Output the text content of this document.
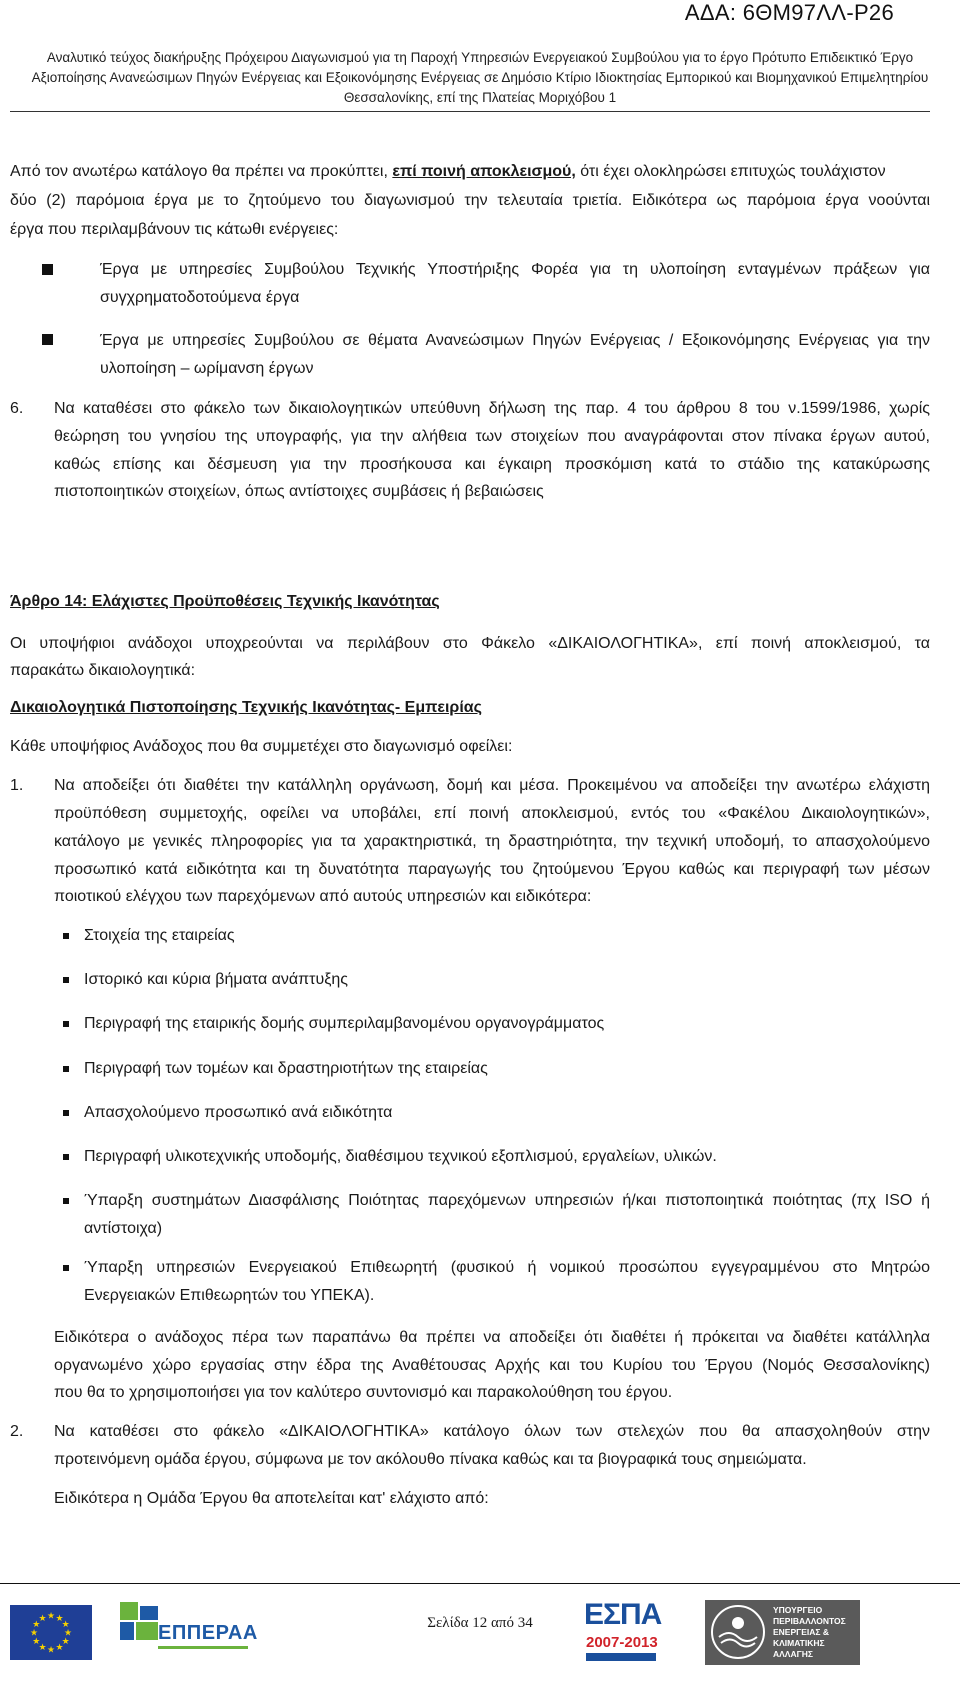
ΑΔΑ: 6ΘΜ97ΛΛ-Ρ26
Αναλυτικό τεύχος διακήρυξης Πρόχειρου Διαγωνισμού για τη Παροχή Υπηρεσιών Ενεργειακού Συμβούλου για το έργο Πρότυπο Επιδεικτικό Έργο
Αξιοποίησης Ανανεώσιμων Πηγών Ενέργειας και Εξοικονόμησης Ενέργειας σε Δημόσιο Κτίριο Ιδιοκτησίας Εμπορικού και Βιομηχανικού Επιμελητηρίου
Θεσσαλονίκης, επί της Πλατείας Μοριχόβου 1
Από τον ανωτέρω κατάλογο θα πρέπει να προκύπτει, επί ποινή αποκλεισμού, ότι έχει ολοκληρώσει επιτυχώς τουλάχιστον
δύο (2) παρόμοια έργα με το ζητούμενο του διαγωνισμού την τελευταία τριετία. Ειδικότερα ως παρόμοια έργα νοούνται
έργα που περιλαμβάνουν τις κάτωθι ενέργειες:
Έργα με υπηρεσίες Συμβούλου Τεχνικής Υποστήριξης Φορέα για τη υλοποίηση ενταγμένων πράξεων για
συγχρηματοδοτούμενα έργα
Έργα με υπηρεσίες Συμβούλου σε θέματα Ανανεώσιμων Πηγών Ενέργειας / Εξοικονόμησης Ενέργειας για την
υλοποίηση – ωρίμανση έργων
6. Να καταθέσει στο φάκελο των δικαιολογητικών υπεύθυνη δήλωση της παρ. 4 του άρθρου 8 του ν.1599/1986, χωρίς
θεώρηση του γνησίου της υπογραφής, για την αλήθεια των στοιχείων που αναγράφονται στον πίνακα έργων αυτού,
καθώς επίσης και δέσμευση για την προσήκουσα και έγκαιρη προσκόμιση κατά το στάδιο της κατακύρωσης
πιστοποιητικών στοιχείων, όπως αντίστοιχες συμβάσεις ή βεβαιώσεις
Άρθρο 14: Ελάχιστες Προϋποθέσεις Τεχνικής Ικανότητας
Οι υποψήφιοι ανάδοχοι υποχρεούνται να περιλάβουν στο Φάκελο «ΔΙΚΑΙΟΛΟΓΗΤΙΚΑ», επί ποινή αποκλεισμού, τα
παρακάτω δικαιολογητικά:
Δικαιολογητικά Πιστοποίησης Τεχνικής Ικανότητας- Εμπειρίας
Κάθε υποψήφιος Ανάδοχος που θα συμμετέχει στο διαγωνισμό οφείλει:
1. Να αποδείξει ότι διαθέτει την κατάλληλη οργάνωση, δομή και μέσα. Προκειμένου να αποδείξει την ανωτέρω ελάχιστη
προϋπόθεση συμμετοχής, οφείλει να υποβάλει, επί ποινή αποκλεισμού, εντός του «Φακέλου Δικαιολογητικών»,
κατάλογο με γενικές πληροφορίες για τα χαρακτηριστικά, τη δραστηριότητα, την τεχνική υποδομή, το απασχολούμενο
προσωπικό κατά ειδικότητα και τη δυνατότητα παραγωγής του ζητούμενου Έργου καθώς και περιγραφή των μέσων
ποιοτικού ελέγχου των παρεχόμενων από αυτούς υπηρεσιών και ειδικότερα:
Στοιχεία της εταιρείας
Ιστορικό και κύρια βήματα ανάπτυξης
Περιγραφή της εταιρικής δομής συμπεριλαμβανομένου οργανογράμματος
Περιγραφή των τομέων και δραστηριοτήτων της εταιρείας
Απασχολούμενο προσωπικό ανά ειδικότητα
Περιγραφή υλικοτεχνικής υποδομής, διαθέσιμου τεχνικού εξοπλισμού, εργαλείων, υλικών.
Ύπαρξη συστημάτων Διασφάλισης Ποιότητας παρεχόμενων υπηρεσιών ή/και πιστοποιητικά ποιότητας (πχ ISO ή
αντίστοιχα)
Ύπαρξη υπηρεσιών Ενεργειακού Επιθεωρητή (φυσικού ή νομικού προσώπου εγγεγραμμένου στο Μητρώο
Ενεργειακών Επιθεωρητών του ΥΠΕΚΑ).
Ειδικότερα ο ανάδοχος πέρα των παραπάνω θα πρέπει να αποδείξει ότι διαθέτει ή πρόκειται να διαθέτει κατάλληλα
οργανωμένο χώρο εργασίας στην έδρα της Αναθέτουσας Αρχής και του Κυρίου του Έργου (Νομός Θεσσαλονίκης)
που θα το χρησιμοποιήσει για τον καλύτερο συντονισμό και παρακολούθηση του έργου.
2. Να καταθέσει στο φάκελο «ΔΙΚΑΙΟΛΟΓΗΤΙΚΑ» κατάλογο όλων των στελεχών που θα απασχοληθούν στην
προτεινόμενη ομάδα έργου, σύμφωνα με τον ακόλουθο πίνακα καθώς και τα βιογραφικά τους σημειώματα.
Ειδικότερα η Ομάδα Έργου θα αποτελείται κατ' ελάχιστο από:
★
★
★
★
★
★
★
★
★ ★ ★
★	ΕΠΠΕΡΑΑ	Σελίδα 12 από 34	ΕΣΠΑ
2007-2013
ΥΠΟΥΡΓΕΙΟ
ΠΕΡΙΒΑΛΛΟΝΤΟΣ
ΕΝΕΡΓΕΙΑΣ &
ΚΛΙΜΑΤΙΚΗΣ
ΑΛΛΑΓΗΣ
